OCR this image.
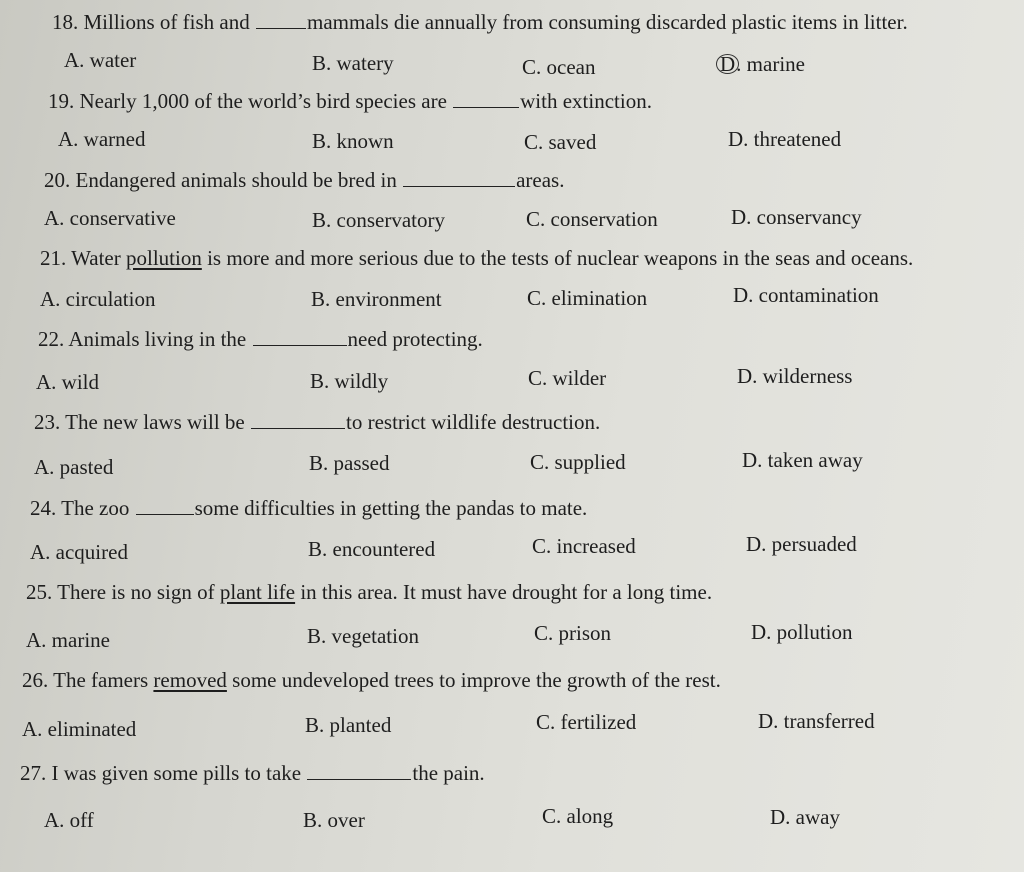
18. Millions of fish and mammals die annually from consuming discarded plastic items in litter.
A. water	B. watery	C. ocean	D. marine
19. Nearly 1,000 of the world’s bird species are	with extinction.
A. warned	B. known	C. saved	D. threatened
20. Endangered animals should be bred in	areas.
A. conservative	B. conservatory	C. conservation	D. conservancy
21. Water pollution is more and more serious due to the tests of nuclear weapons in the seas and oceans.
A. circulation	B. environment	C. elimination	D. contamination
22. Animals living in the	need protecting.
A. wild	B. wildly	C. wilder	D. wilderness
23. The new laws will be	to restrict wildlife destruction.
A. pasted	B. passed	C. supplied	D. taken away
24. The zoo	some difficulties in getting the pandas to mate.
A. acquired	B. encountered	C. increased	D. persuaded
25. There is no sign of plant life in this area. It must have drought for a long time.
A. marine	B. vegetation	C. prison	D. pollution
26. The famers removed some undeveloped trees to improve the growth of the rest.
A. eliminated	B. planted	C. fertilized	D. transferred
27. I was given some pills to take	the pain.
A. off	B. over	C. along	D. away
